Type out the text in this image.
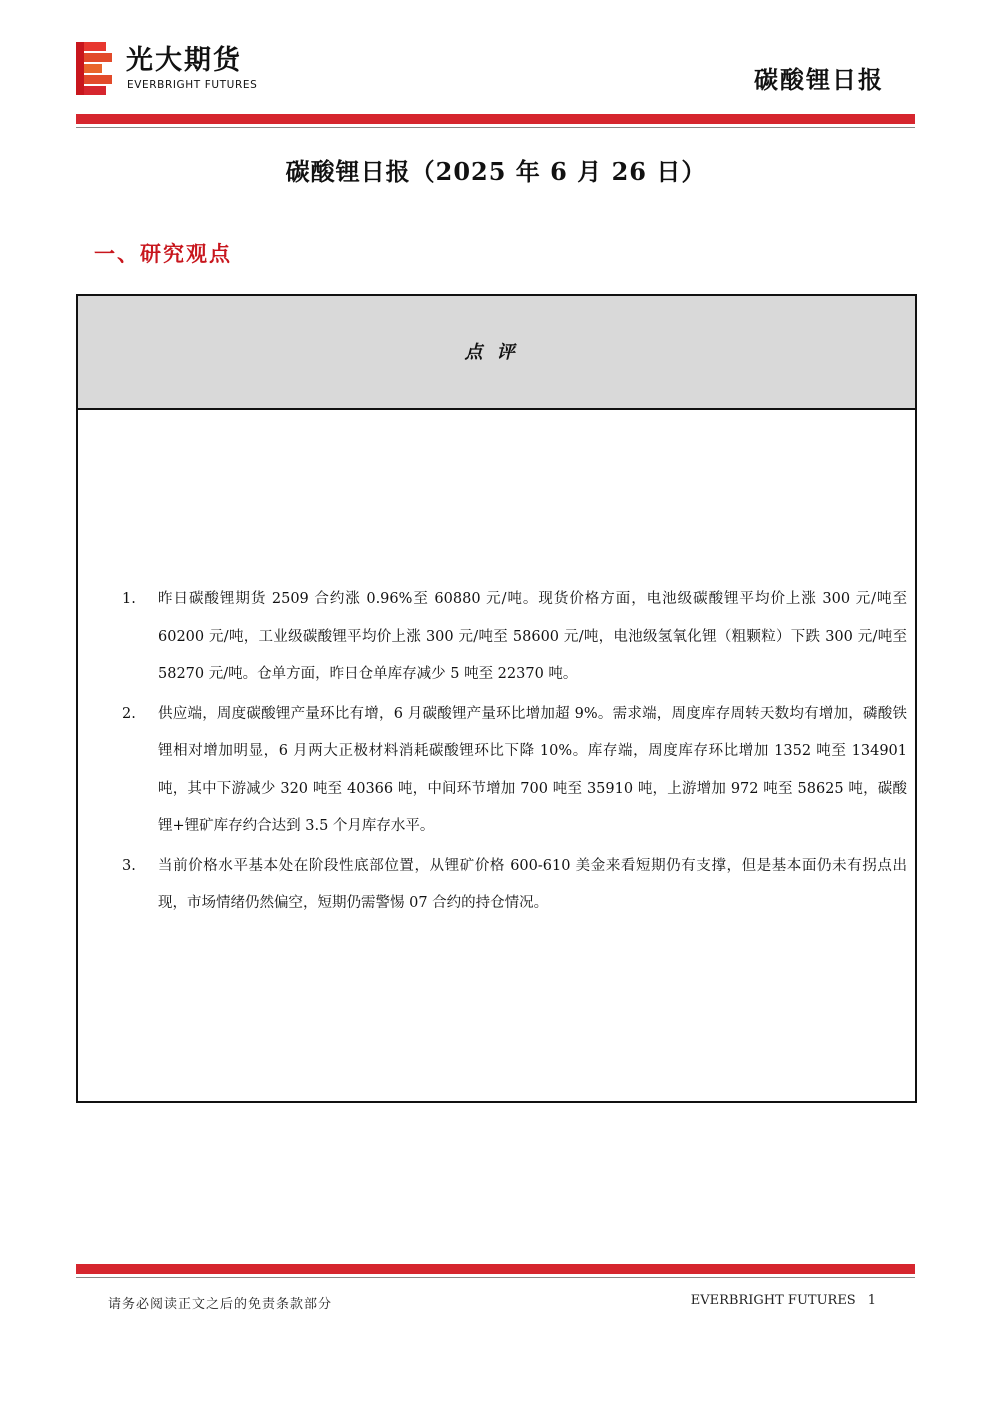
光大期货
EVERBRIGHT FUTURES	碳酸锂日报
碳酸锂日报（2025 年 6 月 26 日）
一、研究观点
点评
1. 昨日碳酸锂期货 2509 合约涨 0.96%至 60880 元/吨。现货价格方面，电池级碳酸锂平均价上涨 300 元/吨至 60200 元/吨，工业级碳酸锂平均价上涨 300 元/吨至 58600 元/吨，电池级氢氧化锂（粗颗粒）下跌 300 元/吨至 58270 元/吨。仓单方面，昨日仓单库存减少 5 吨至 22370 吨。
2. 供应端，周度碳酸锂产量环比有增，6 月碳酸锂产量环比增加超 9%。需求端，周度库存周转天数均有增加，磷酸铁锂相对增加明显，6 月两大正极材料消耗碳酸锂环比下降 10%。库存端，周度库存环比增加 1352 吨至 134901 吨，其中下游减少 320 吨至 40366 吨，中间环节增加 700 吨至 35910 吨，上游增加 972 吨至 58625 吨，碳酸锂+锂矿库存约合达到 3.5 个月库存水平。
3. 当前价格水平基本处在阶段性底部位置，从锂矿价格 600-610 美金来看短期仍有支撑，但是基本面仍未有拐点出现，市场情绪仍然偏空，短期仍需警惕 07 合约的持仓情况。
请务必阅读正文之后的免责条款部分	EVERBRIGHT FUTURES 1
